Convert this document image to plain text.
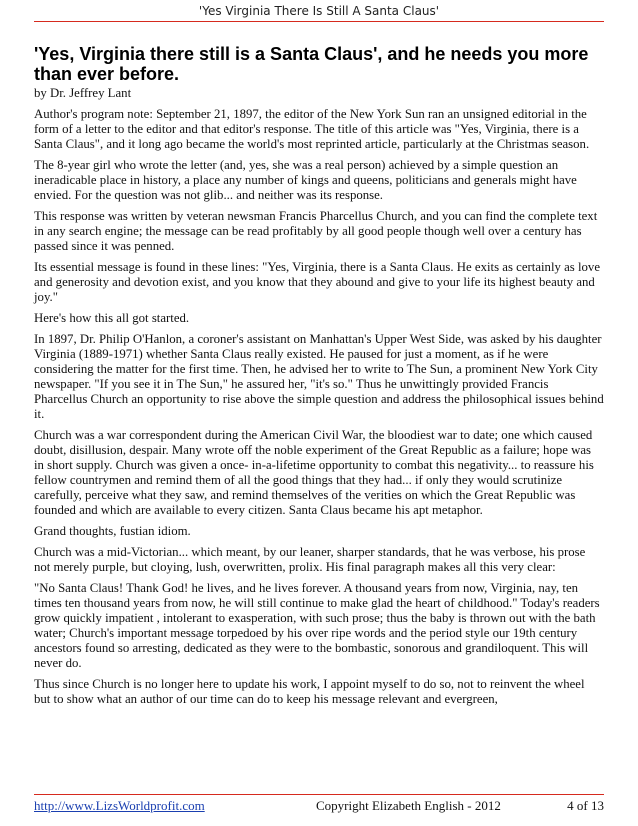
'Yes Virginia There Is Still A Santa Claus'
'Yes, Virginia there still is a Santa Claus', and he needs you more than ever before.
by Dr. Jeffrey Lant
Author's program note: September 21, 1897, the editor of the New York Sun ran an unsigned editorial in the form of a letter to the editor and that editor's response. The title of this article was "Yes, Virginia, there is a Santa Claus", and it long ago became the world's most reprinted article, particularly at the Christmas season.
The 8-year girl who wrote the letter (and, yes, she was a real person) achieved by a simple question an ineradicable place in history, a place any number of kings and queens, politicians and generals might have envied. For the question was not glib... and neither was its response.
This response was written by veteran newsman Francis Pharcellus Church, and you can find the complete text in any search engine; the message can be read profitably by all good people though well over a century has passed since it was penned.
Its essential message is found in these lines: "Yes, Virginia, there is a Santa Claus. He exits as certainly as love and generosity and devotion exist, and you know that they abound and give to your life its highest beauty and joy."
Here's how this all got started.
In 1897, Dr. Philip O'Hanlon, a coroner's assistant on Manhattan's Upper West Side, was asked by his daughter Virginia (1889-1971) whether Santa Claus really existed. He paused for just a moment, as if he were considering the matter for the first time. Then, he advised her to write to The Sun, a prominent New York City newspaper. "If you see it in The Sun," he assured her, "it's so." Thus he unwittingly provided Francis Pharcellus Church an opportunity to rise above the simple question and address the philosophical issues behind it.
Church was a war correspondent during the American Civil War, the bloodiest war to date; one which caused doubt, disillusion, despair. Many wrote off the noble experiment of the Great Republic as a failure; hope was in short supply. Church was given a once- in-a-lifetime opportunity to combat this negativity... to reassure his fellow countrymen and remind them of all the good things that they had... if only they would scrutinize carefully, perceive what they saw, and remind themselves of the verities on which the Great Republic was founded and which are available to every citizen. Santa Claus became his apt metaphor.
Grand thoughts, fustian idiom.
Church was a mid-Victorian... which meant, by our leaner, sharper standards, that he was verbose, his prose not merely purple, but cloying, lush, overwritten, prolix. His final paragraph makes all this very clear:
"No Santa Claus! Thank God! he lives, and he lives forever. A thousand years from now, Virginia, nay, ten times ten thousand years from now, he will still continue to make glad the heart of childhood." Today's readers grow quickly impatient , intolerant to exasperation, with such prose; thus the baby is thrown out with the bath water; Church's important message torpedoed by his over ripe words and the period style our 19th century ancestors found so arresting, dedicated as they were to the bombastic, sonorous and grandiloquent. This will never do.
Thus since Church is no longer here to update his work, I appoint myself to do so, not to reinvent the wheel but to show what an author of our time can do to keep his message relevant and evergreen,
http://www.LizsWorldprofit.com	Copyright Elizabeth English - 2012	4 of 13
